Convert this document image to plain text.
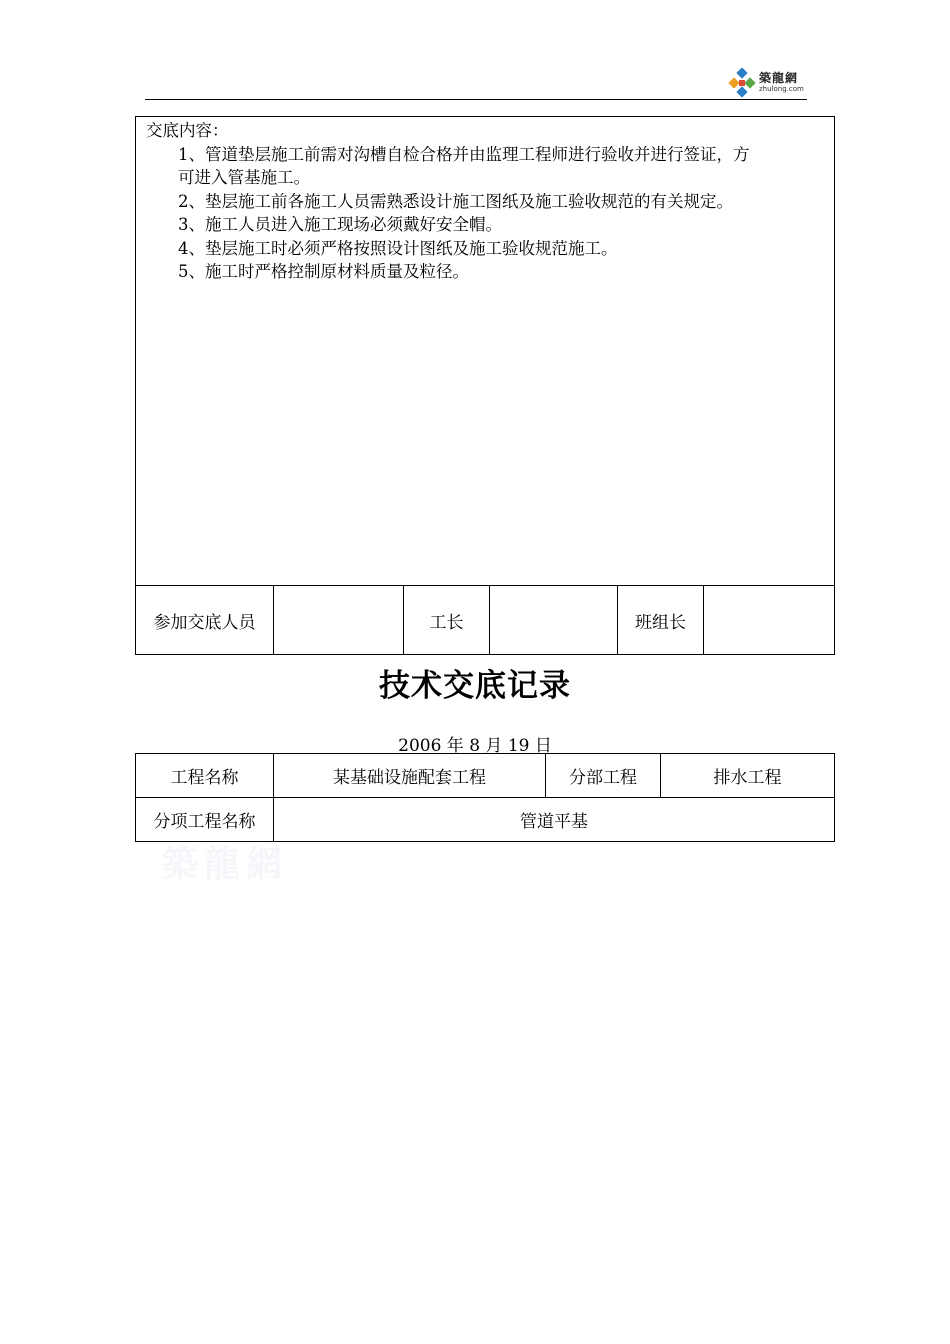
築龍網
zhulong.com
交底内容：
1、管道垫层施工前需对沟槽自检合格并由监理工程师进行验收并进行签证，方
可进入管基施工。
2、垫层施工前各施工人员需熟悉设计施工图纸及施工验收规范的有关规定。
3、施工人员进入施工现场必须戴好安全帽。
4、垫层施工时必须严格按照设计图纸及施工验收规范施工。
5、施工时严格控制原材料质量及粒径。

参加交底人员		工长		班组长	
技术交底记录
2006 年 8 月 19 日
工程名称	某基础设施配套工程	分部工程	排水工程
分项工程名称	管道平基		
築龍網
